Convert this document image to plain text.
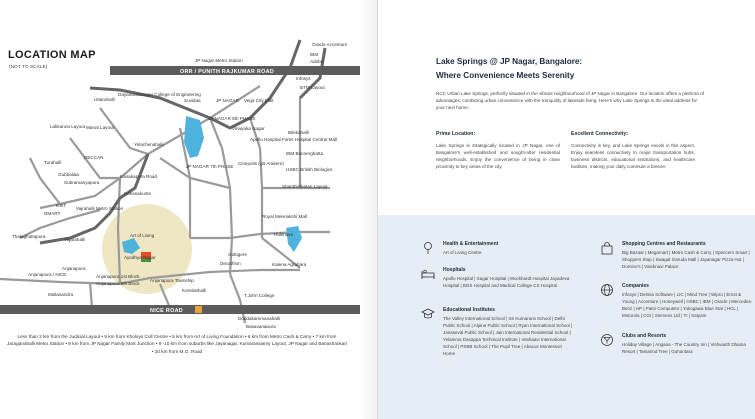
LOCATION MAP
(NOT TO SCALE)
ORR / PUNITH RAJKUMAR ROAD
NICE ROAD
JP Nagar Metro Station
Oracle Accenture
IBM
Adobe
Infosys
BTM Layout
Uttarahalli
Dayanandasagar College of Engineering
Suvidaa	JP NAGAR Vega City Mall
JP NAGAR 6th PHASE
Lakkanna Layout Maruti Layout	Vinayaka Nagar
Bilekahalli
Yelachenahalli
Apollo Hospital Fortis Hospital Central Mall
IBM Bannerghatta
Turahalli
DECCAN
JP NAGAR 7th PHASE
Cinepolis (LB Arakere)
HSBC British Biologics
Gubbalala
Subramanyapura
Kanakapura Road
Konanakunte
Shanthiniketan Layout
KSIT
Vajrahalli Metro Station
DMART
Royal Meenakshi Mall
Thalaghattapura
Vajarahalli
Hulimavu
Art of Living
Anjanapura
Anjanapura / NICE
Ayodhya Nagar
Anjanapura 1st Block
Anjanapura 8th Block
Anjanapura Township
Kembathalli
Decathlon	Kalena Agrahara
Gottigere
Mallasandra	T.John College
Doddakammanahalli
Basavanapura
Less than 2 km from the Judicial Layout • 5 km from Kholoys Coll Centre • 5 km from Art of Living Foundation • 6 km from Metro Cash & Carry • 7 km from Jaraganahalli Metro Station • 8 km from JP Nagar Family Mart Junction • 9 -10 km from suburbs like Jayanagar, Kumaraswamy Layout, JP Nagar and Banashankari • 20 km from M.G. Road
Lake Springs @ JP Nagar, Bangalore:
Where Convenience Meets Serenity
NCC Urban Lake Springs, perfectly situated in the vibrant neighbourhood of JP Nagar in Bangalore. Our location offers a plethora of advantages, combining urban convenience with the tranquility of lakeside living. Here's why Lake Springs is the ideal address for your next home:
Prime Location:

Lake Springs is strategically located in JP Nagar, one of Bangalore's well-established and sought-after residential neighborhoods. Enjoy the convenience of being in close proximity to key areas of the city.

Excellent Connectivity:

Connectivity is key, and Lake Springs excels in this aspect. Enjoy seamless connectivity to major transportation hubs, business districts, educational institutions, and healthcare facilities, making your daily commute a breeze.

Health & Entertainment

Art of Living Centre

Hospitals

Apollo Hospital | Sagar Hospital | Wockhardt Hospital Jayadeva Hospital | BGS Hospital and Medical College CS Hospital

Educational Institutes

The Valley International School | Sri Kumarans School | Delhi Public School | Alpine Public School | Ryan International School | Janaseval Public School | Jain International Residential School | Yelamma Dasappa Technical Institute | Vashaavi International School | PSBB School | The Pupil Tree | Abacus Montessori Home

Shopping Centres and Restaurants

Big Bazaar | Megamart | Metro Cash & Carry | Spencers Smart | Shoppers Stop | Swagat Garuda Mall | Jayanagar Pizza Hut | Domino's | Vaishnavi Palace

Companies

Infosys | Delmia Software | LIC | Mind Tree | Wipro | Ernst & Young | Accenture | Honeywell | HSBC | IBM | Oracle | Mercedes-Benz | HP | Patni Computers | Yokogawa Blue Star | HCL | Motorola | CGI | Siemens Ltd | TI | Satyam

Clubs and Resorts

Holiday Village | Angana - The Country Inn | Vishvanth Dhama Resort | Tamarind Tree | Guhantara
